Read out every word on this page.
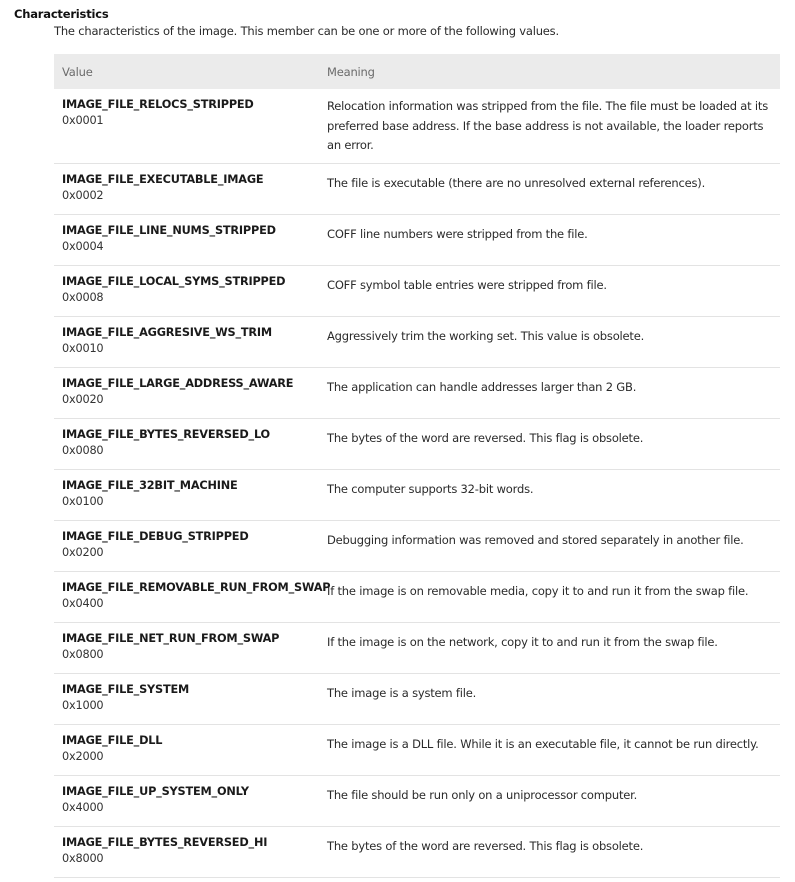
Characteristics
The characteristics of the image. This member can be one or more of the following values.
Value	Meaning

IMAGE_FILE_RELOCS_STRIPPED
0x0001	Relocation information was stripped from the file. The file must be loaded at its preferred base address. If the base address is not available, the loader reports an error.

IMAGE_FILE_EXECUTABLE_IMAGE
0x0002	The file is executable (there are no unresolved external references).

IMAGE_FILE_LINE_NUMS_STRIPPED
0x0004	COFF line numbers were stripped from the file.

IMAGE_FILE_LOCAL_SYMS_STRIPPED
0x0008	COFF symbol table entries were stripped from file.

IMAGE_FILE_AGGRESIVE_WS_TRIM
0x0010	Aggressively trim the working set. This value is obsolete.

IMAGE_FILE_LARGE_ADDRESS_AWARE
0x0020	The application can handle addresses larger than 2 GB.

IMAGE_FILE_BYTES_REVERSED_LO
0x0080	The bytes of the word are reversed. This flag is obsolete.

IMAGE_FILE_32BIT_MACHINE
0x0100	The computer supports 32-bit words.

IMAGE_FILE_DEBUG_STRIPPED
0x0200	Debugging information was removed and stored separately in another file.

IMAGE_FILE_REMOVABLE_RUN_FROM_SWAP
0x0400	If the image is on removable media, copy it to and run it from the swap file.

IMAGE_FILE_NET_RUN_FROM_SWAP
0x0800	If the image is on the network, copy it to and run it from the swap file.

IMAGE_FILE_SYSTEM
0x1000	The image is a system file.

IMAGE_FILE_DLL
0x2000	The image is a DLL file. While it is an executable file, it cannot be run directly.

IMAGE_FILE_UP_SYSTEM_ONLY
0x4000	The file should be run only on a uniprocessor computer.

IMAGE_FILE_BYTES_REVERSED_HI
0x8000	The bytes of the word are reversed. This flag is obsolete.
